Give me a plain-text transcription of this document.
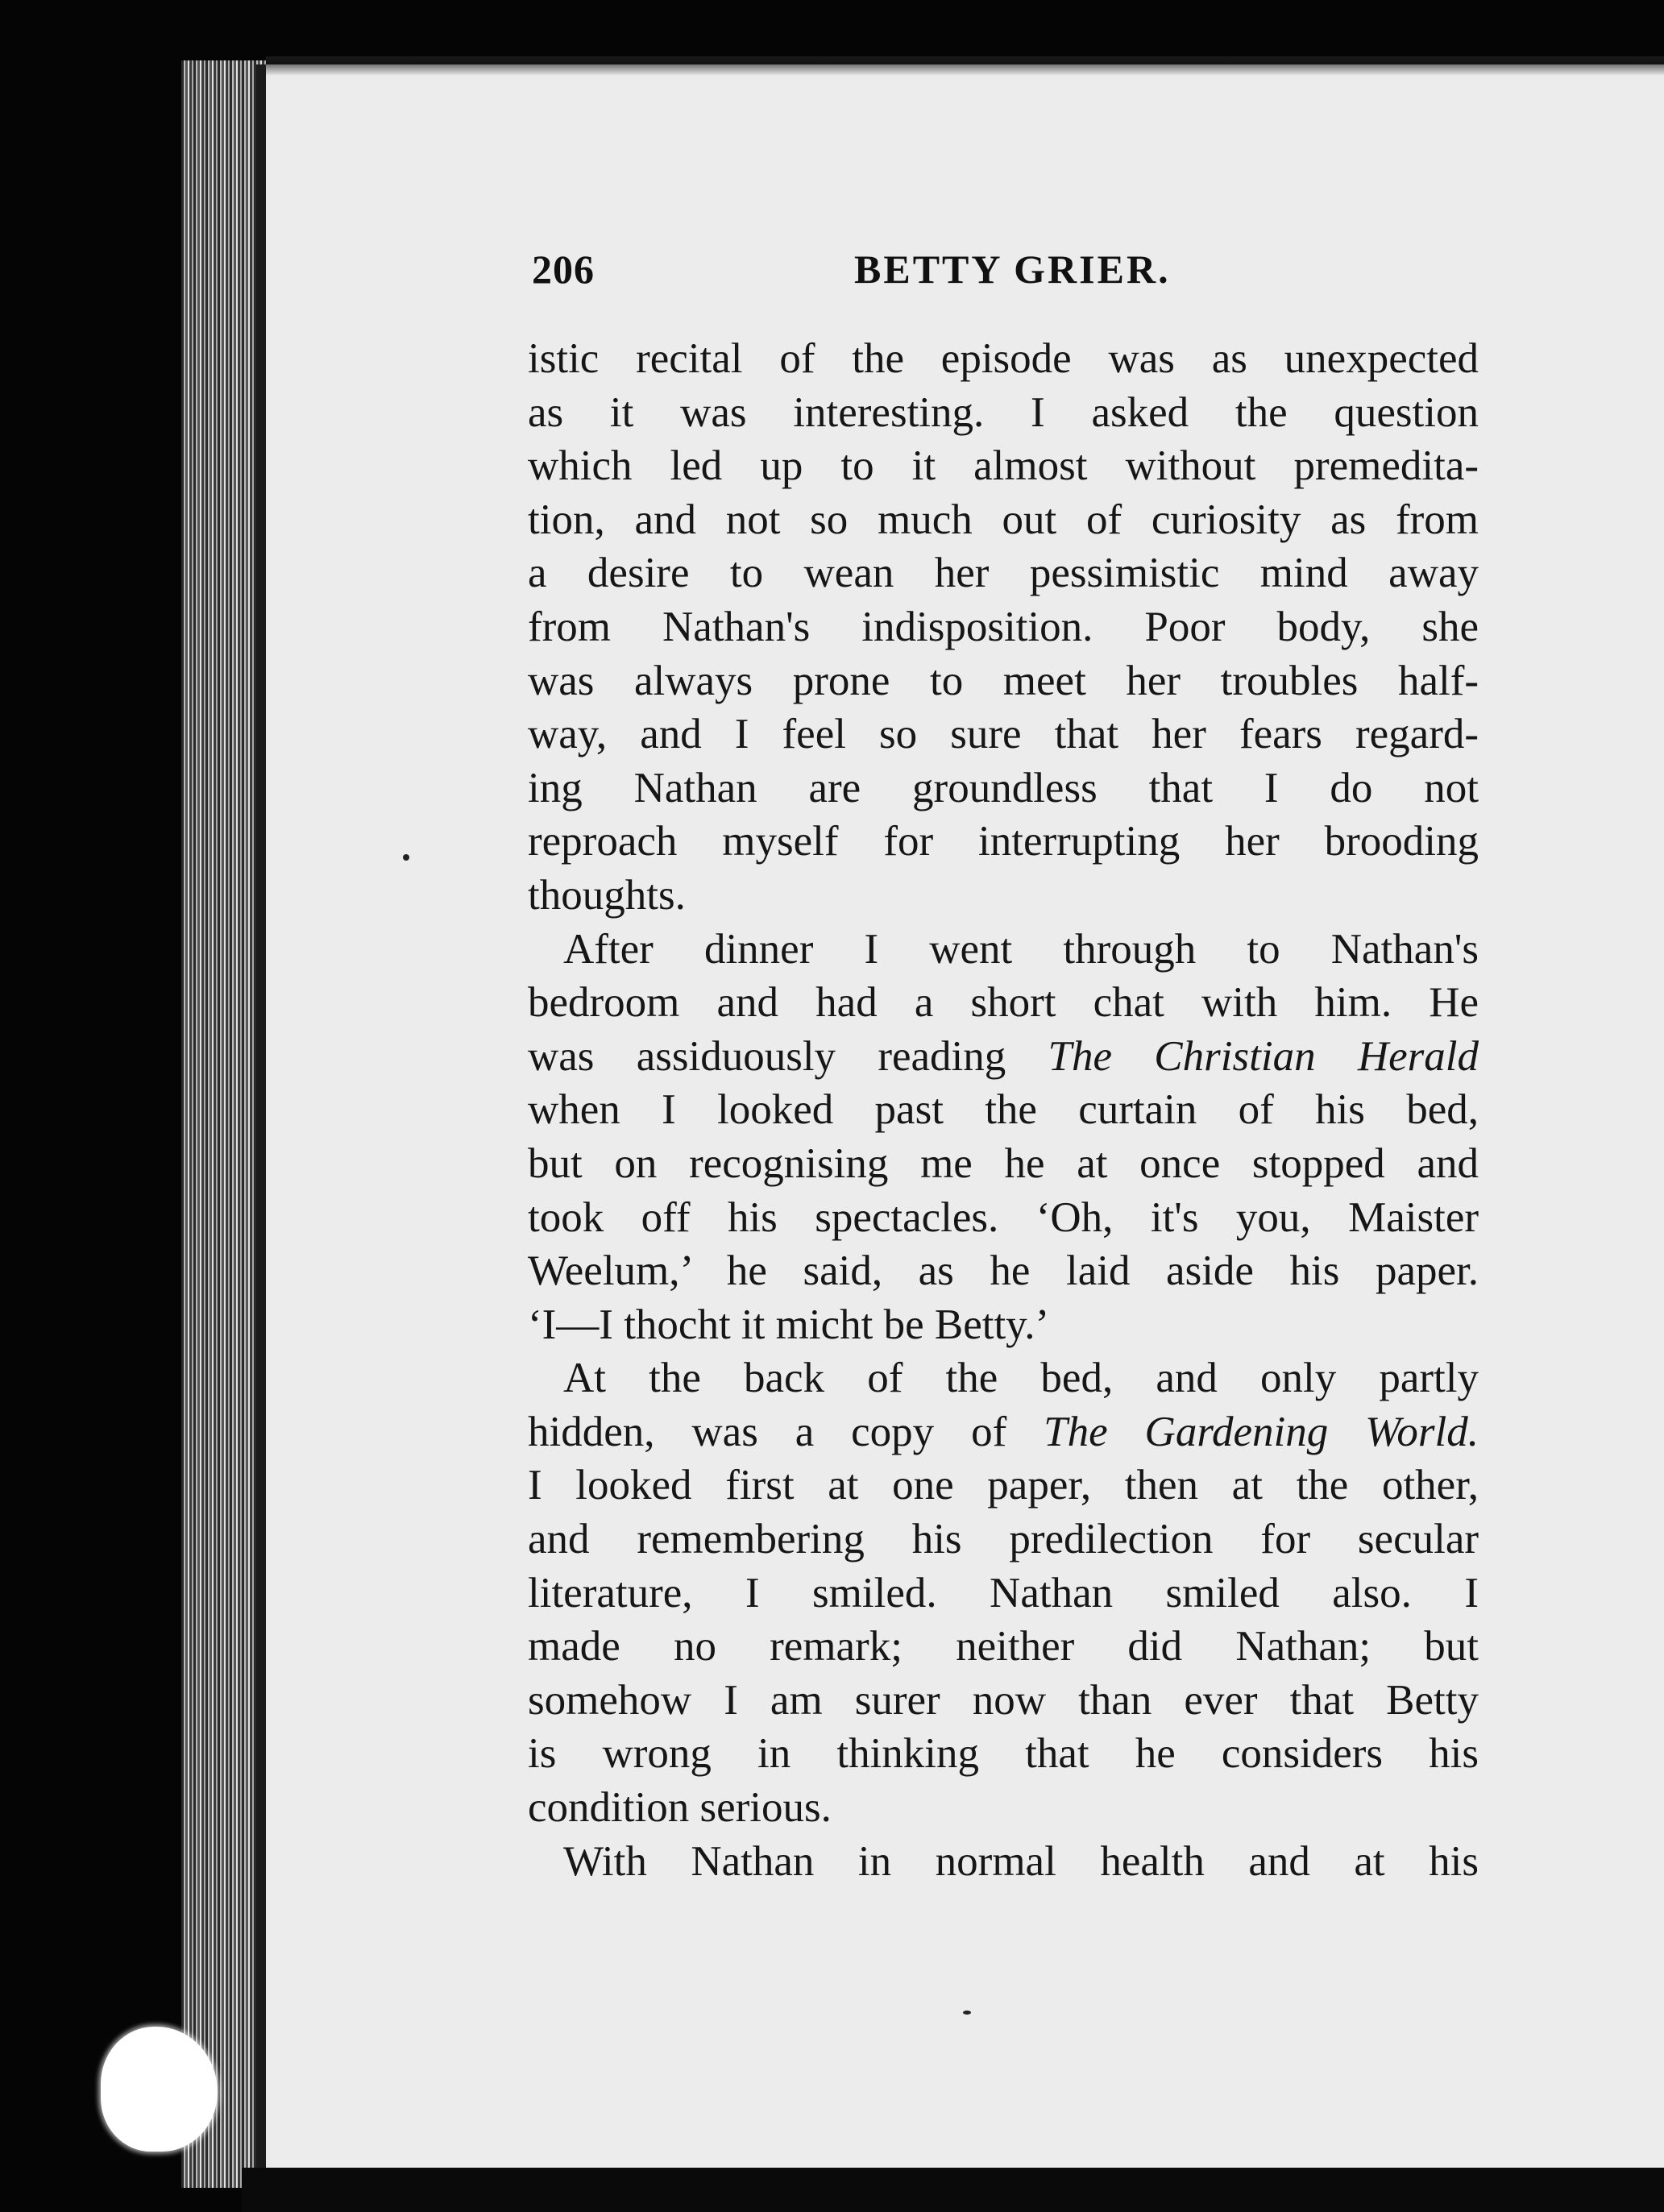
206	BETTY GRIER.
istic recital of the episode was as unexpected
as it was interesting. I asked the question
which led up to it almost without premedita-
tion, and not so much out of curiosity as from
a desire to wean her pessimistic mind away
from Nathan's indisposition. Poor body, she
was always prone to meet her troubles half-
way, and I feel so sure that her fears regard-
ing Nathan are groundless that I do not
reproach myself for interrupting her brooding
thoughts.
After dinner I went through to Nathan's
bedroom and had a short chat with him. He
was assiduously reading The Christian Herald
when I looked past the curtain of his bed,
but on recognising me he at once stopped and
took off his spectacles. ‘Oh, it's you, Maister
Weelum,’ he said, as he laid aside his paper.
‘I—I thocht it micht be Betty.’
At the back of the bed, and only partly
hidden, was a copy of The Gardening World.
I looked first at one paper, then at the other,
and remembering his predilection for secular
literature, I smiled. Nathan smiled also. I
made no remark; neither did Nathan; but
somehow I am surer now than ever that Betty
is wrong in thinking that he considers his
condition serious.
With Nathan in normal health and at his
